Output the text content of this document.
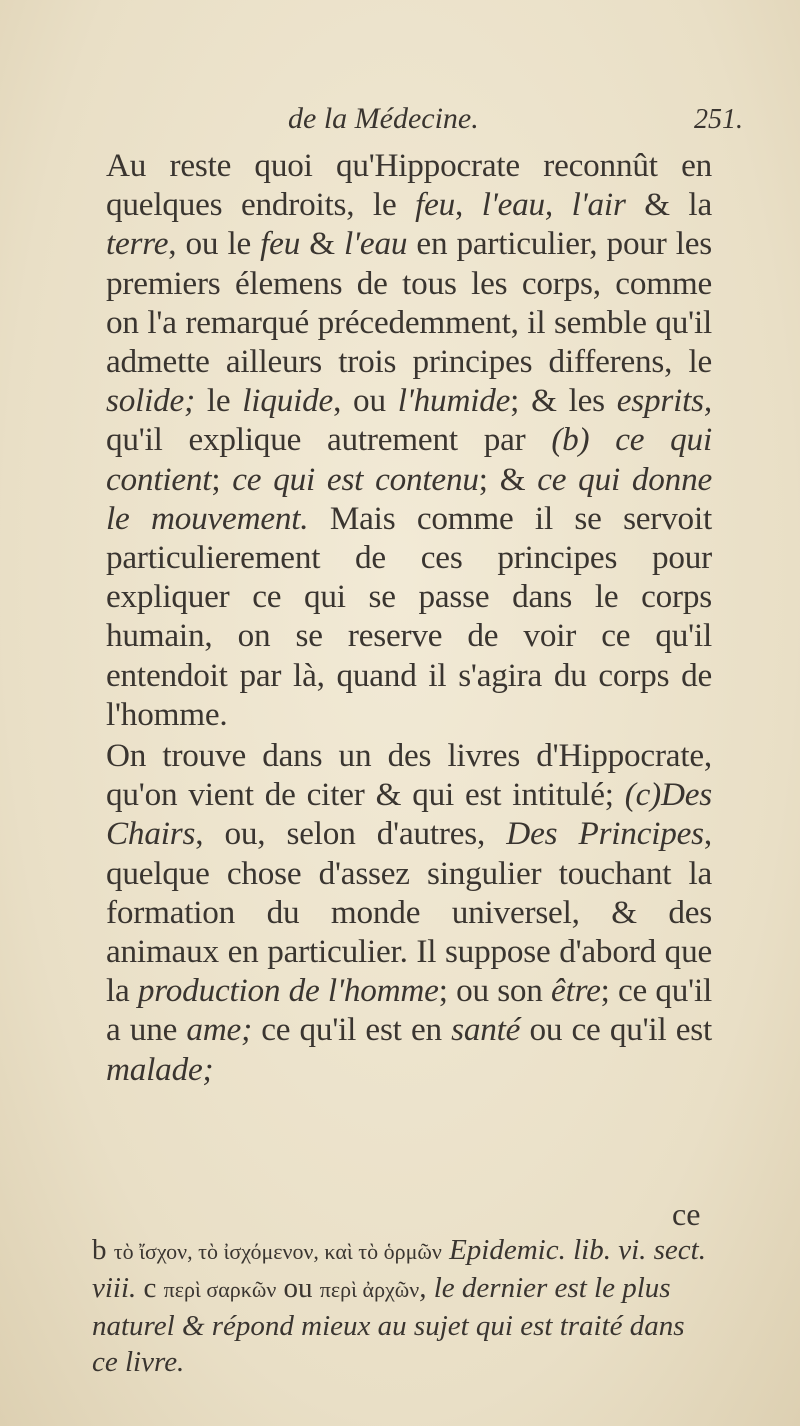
de la Médecine.	251.

Au reste quoi qu'Hippocrate reconnût en quelques endroits, le feu, l'eau, l'air & la terre, ou le feu & l'eau en particulier, pour les premiers élemens de tous les corps, comme on l'a remarqué précedemment, il semble qu'il admette ailleurs trois principes differens, le solide; le liquide, ou l'humide; & les esprits, qu'il explique autrement par (b) ce qui contient; ce qui est contenu; & ce qui donne le mouvement. Mais comme il se servoit particulierement de ces principes pour expliquer ce qui se passe dans le corps humain, on se reserve de voir ce qu'il entendoit par là, quand il s'agira du corps de l'homme.

On trouve dans un des livres d'Hippocrate, qu'on vient de citer & qui est intitulé; (c)Des Chairs, ou, selon d'autres, Des Principes, quelque chose d'assez singulier touchant la formation du monde universel, & des animaux en particulier. Il suppose d'abord que la production de l'homme; ou son être; ce qu'il a une ame; ce qu'il est en santé ou ce qu'il est malade;

ce

b τὸ ἴσχον, τὸ ἰσχόμενον, καὶ τὸ ὁρμῶν Epidemic. lib. vi. sect. viii. c περὶ σαρκῶν ou περὶ ἀρχῶν, le dernier est le plus naturel & répond mieux au sujet qui est traité dans ce livre.
